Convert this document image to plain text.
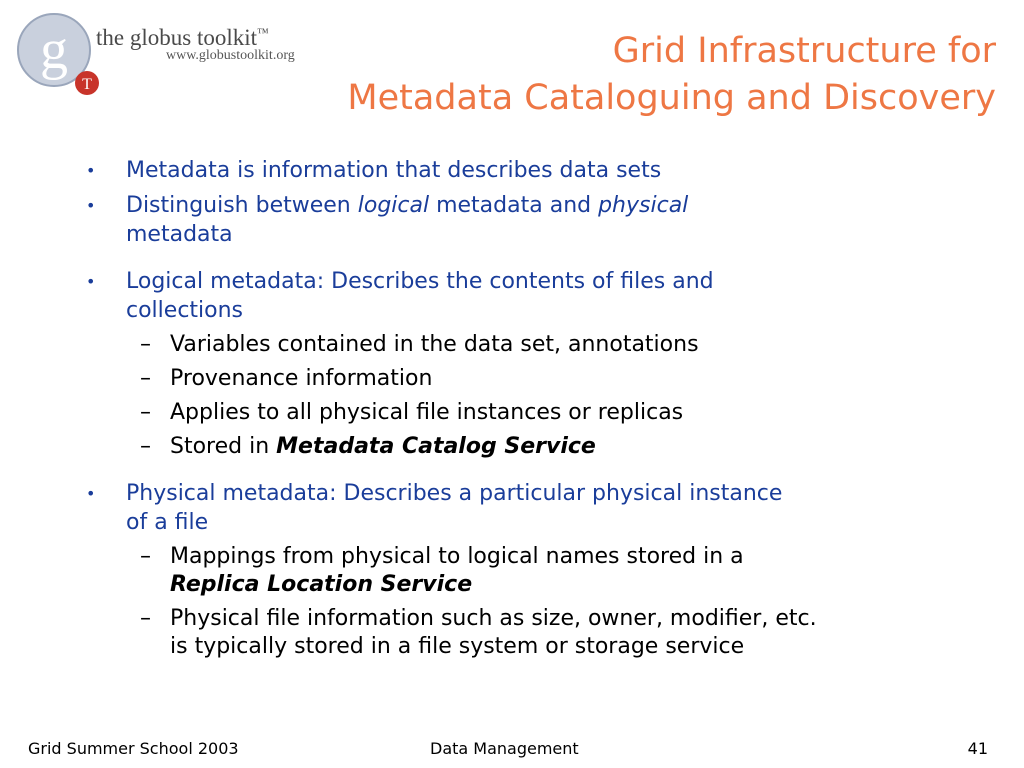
g
T
the globus toolkit™
www.globustoolkit.org	Grid Infrastructure for
Metadata Cataloguing and Discovery
• Metadata is information that describes data sets
• Distinguish between logical metadata and physical
metadata
• Logical metadata: Describes the contents of files and
collections
– Variables contained in the data set, annotations
– Provenance information
– Applies to all physical file instances or replicas
– Stored in Metadata Catalog Service
• Physical metadata: Describes a particular physical instance
of a file
– Mappings from physical to logical names stored in a
Replica Location Service
– Physical file information such as size, owner, modifier, etc.
is typically stored in a file system or storage service
Grid Summer School 2003	Data Management	41
